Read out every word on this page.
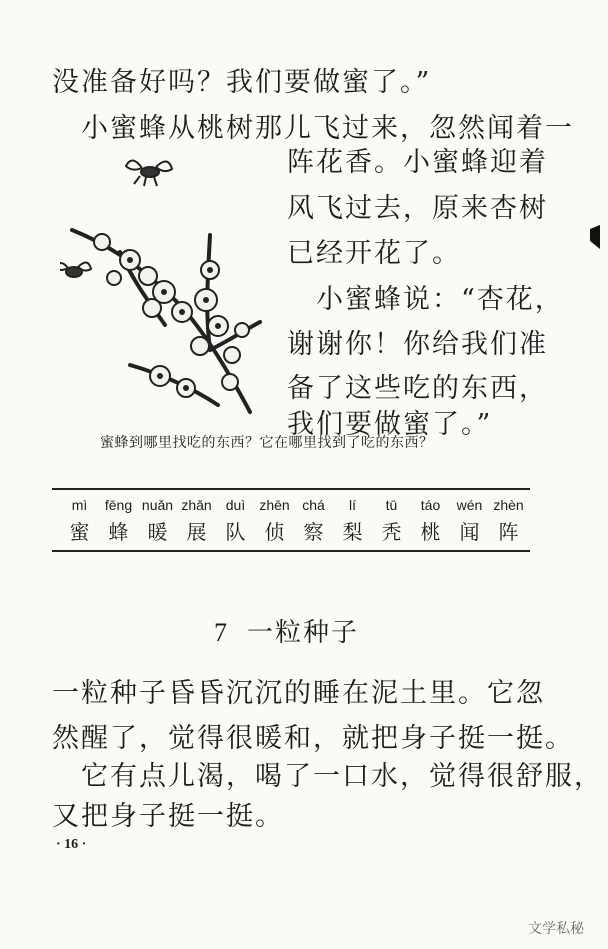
没准备好吗？我们要做蜜了。”
　小蜜蜂从桃树那儿飞过来，忽然闻着一
阵花香。小蜜蜂迎着
风飞过去，原来杏树
已经开花了。
　小蜜蜂说：“杏花，
谢谢你！你给我们准
备了这些吃的东西，
我们要做蜜了。”
蜜蜂到哪里找吃的东西？它在哪里找到了吃的东西？
mì	fēng nuǎn zhǎn	duì	zhēn chá	lí	tū	táo	wén zhèn
蜜 蜂 暖 展 队 侦 察 梨 秃 桃 闻 阵
7 一粒种子
一粒种子昏昏沉沉的睡在泥土里。它忽
然醒了，觉得很暖和，就把身子挺一挺。
　它有点儿渴，喝了一口水，觉得很舒服，
又把身子挺一挺。
· 16 ·
文学私秘
